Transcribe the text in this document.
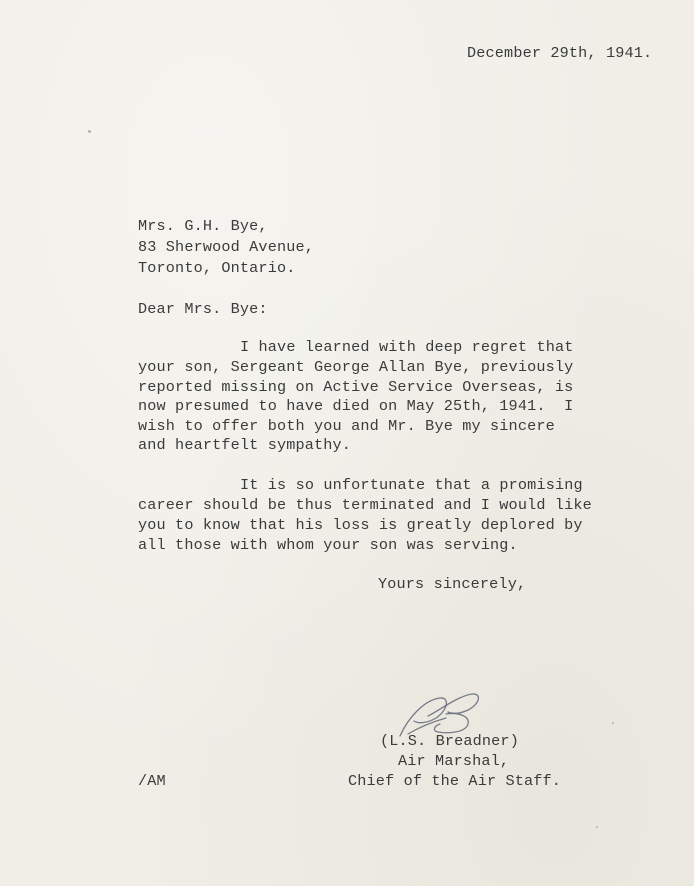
December 29th, 1941.
Mrs. G.H. Bye,
83 Sherwood Avenue,
Toronto, Ontario.
Dear Mrs. Bye:
I have learned with deep regret that
your son, Sergeant George Allan Bye, previously
reported missing on Active Service Overseas, is
now presumed to have died on May 25th, 1941.  I
wish to offer both you and Mr. Bye my sincere
and heartfelt sympathy.
It is so unfortunate that a promising
career should be thus terminated and I would like
you to know that his loss is greatly deplored by
all those with whom your son was serving.
Yours sincerely,
(L.S. Breadner)
Air Marshal,
Chief of the Air Staff.
/AM
